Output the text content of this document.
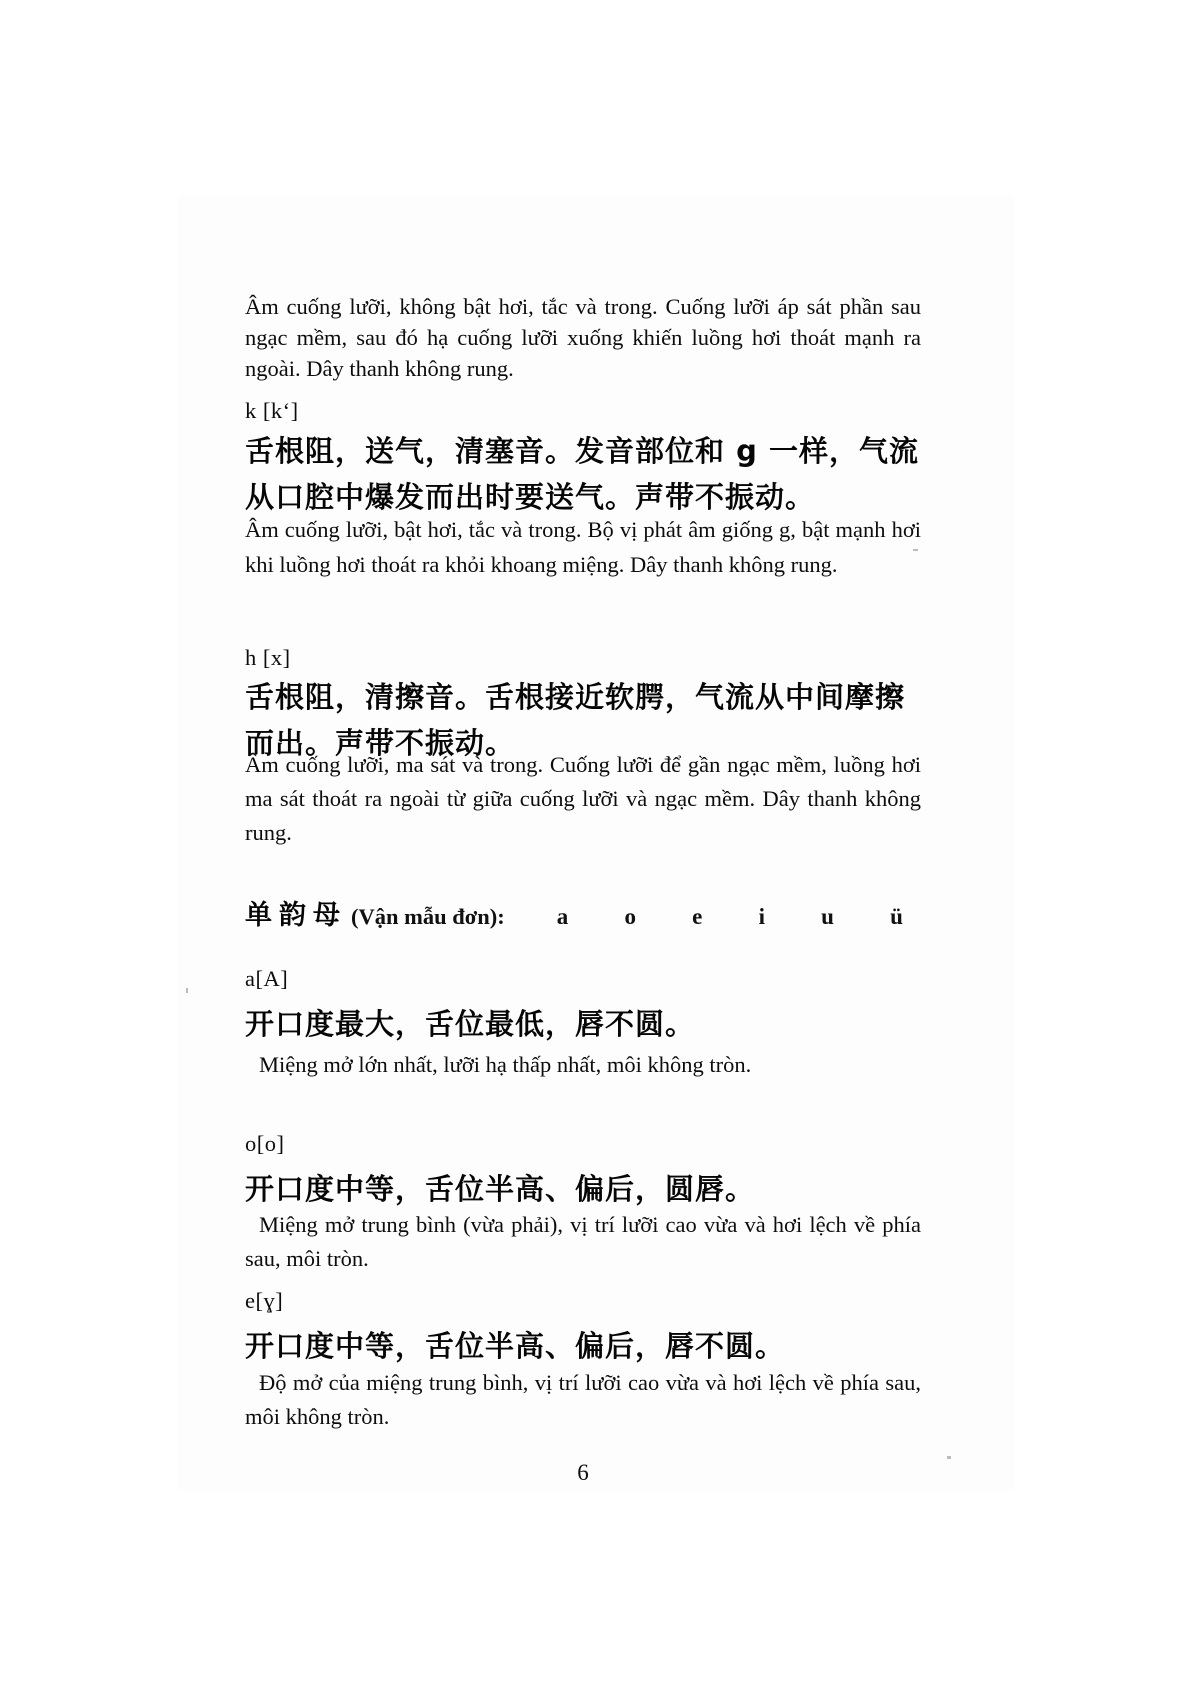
Âm cuống lưỡi, không bật hơi, tắc và trong. Cuống lưỡi áp sát phần sau ngạc mềm, sau đó hạ cuống lưỡi xuống khiến luồng hơi thoát mạnh ra ngoài. Dây thanh không rung.

k [kʻ]
舌根阻，送气，清塞音。发音部位和 g 一样，气流从口腔中爆发而出时要送气。声带不振动。

Âm cuống lưỡi, bật hơi, tắc và trong. Bộ vị phát âm giống g, bật mạnh hơi khi luồng hơi thoát ra khỏi khoang miệng. Dây thanh không rung.

h [x]
舌根阻，清擦音。舌根接近软腭，气流从中间摩擦而出。声带不振动。

Âm cuống lưỡi, ma sát và trong. Cuống lưỡi để gần ngạc mềm, luồng hơi ma sát thoát ra ngoài từ giữa cuống lưỡi và ngạc mềm. Dây thanh không rung.

单韵母 (Vận mẫu đơn): a o e i u ü
a[A]
开口度最大，舌位最低，唇不圆。

Miệng mở lớn nhất, lưỡi hạ thấp nhất, môi không tròn.

o[o]
开口度中等，舌位半高、偏后，圆唇。

Miệng mở trung bình (vừa phải), vị trí lưỡi cao vừa và hơi lệch về phía sau, môi tròn.

e[ɣ]
开口度中等，舌位半高、偏后，唇不圆。

Độ mở của miệng trung bình, vị trí lưỡi cao vừa và hơi lệch về phía sau, môi không tròn.

6
